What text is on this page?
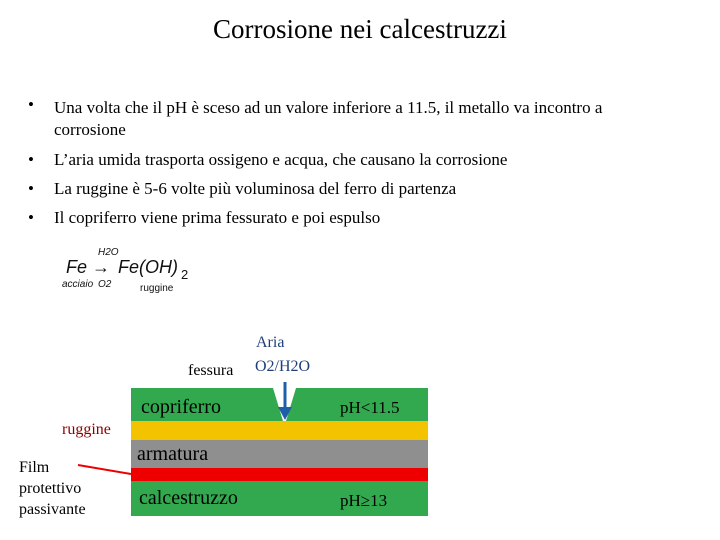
Corrosione nei calcestruzzi
• Una volta che il pH è sceso ad un valore inferiore a 11.5, il metallo va incontro a corrosione
• L’aria umida trasporta ossigeno e acqua, che causano la corrosione
• La ruggine è 5-6 volte più voluminosa del ferro di partenza
• Il copriferro viene prima fessurato e poi espulso
H2O
Fe → Fe(OH) 2
acciaio O2	ruggine
Aria
fessura O2/H2O
copriferro
armatura
calcestruzzo
pH<11.5
pH≥13
ruggine
Film
protettivo
passivante
